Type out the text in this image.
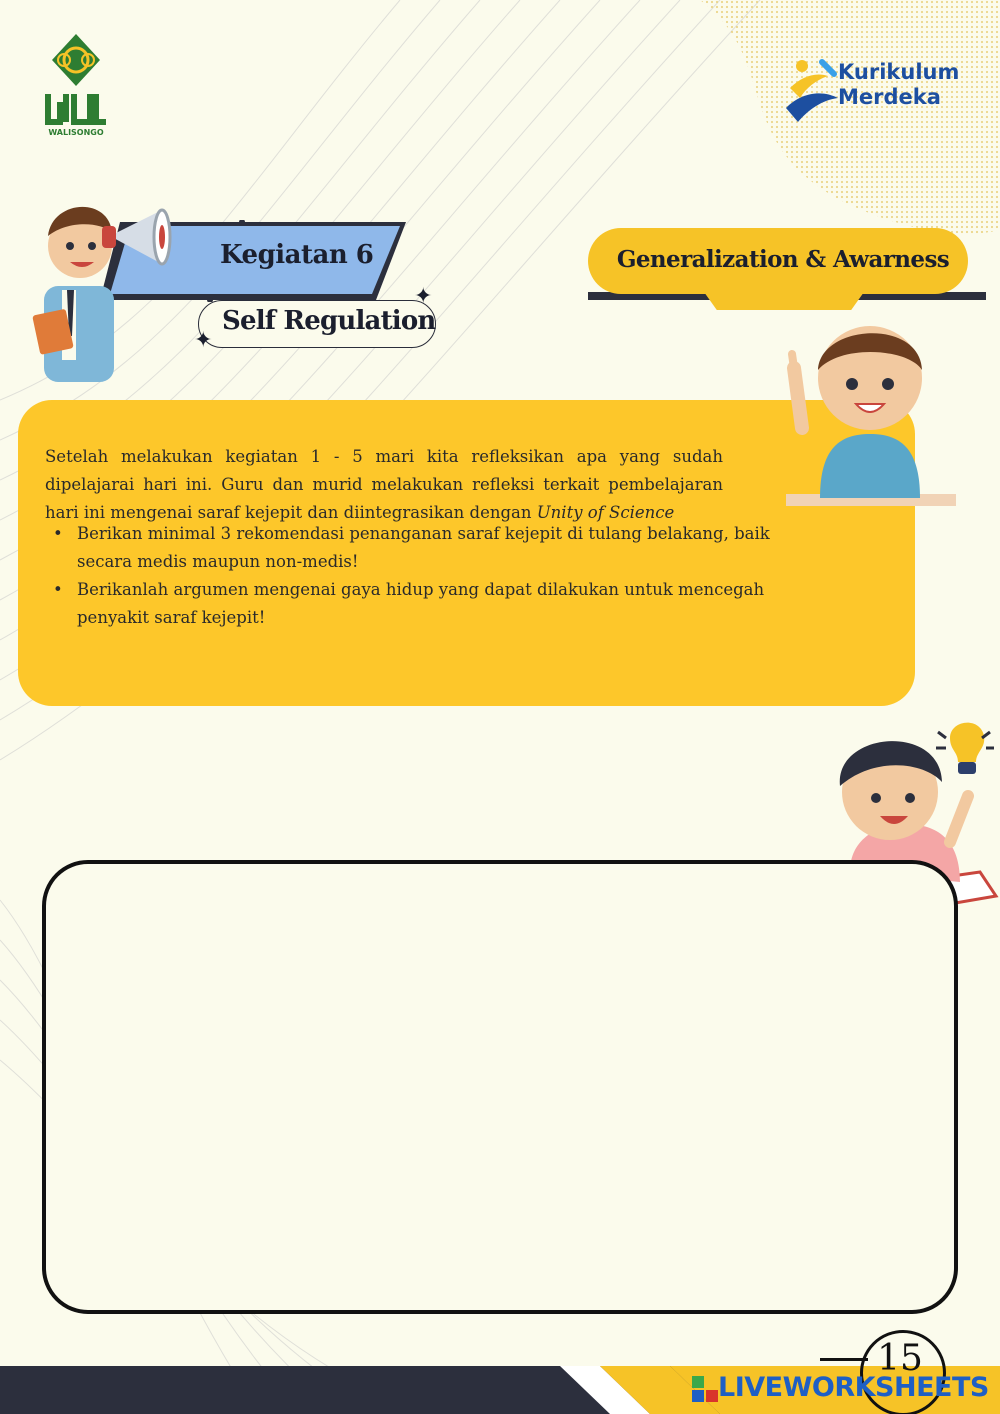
WALISONGO
Kurikulum
Merdeka
Kegiatan 6
Self Regulation
✦
✦
Generalization & Awarness

Setelah melakukan kegiatan 1 - 5 mari kita refleksikan apa yang sudah dipelajarai hari ini. Guru dan murid melakukan refleksi terkait pembelajaran hari ini mengenai saraf kejepit dan diintegrasikan dengan Unity of Science

• Berikan minimal 3 rekomendasi penanganan saraf kejepit di tulang belakang, baik secara medis maupun non-medis!
• Berikanlah argumen mengenai gaya hidup yang dapat dilakukan untuk mencegah penyakit saraf kejepit!
15
LIVEWORKSHEETS
